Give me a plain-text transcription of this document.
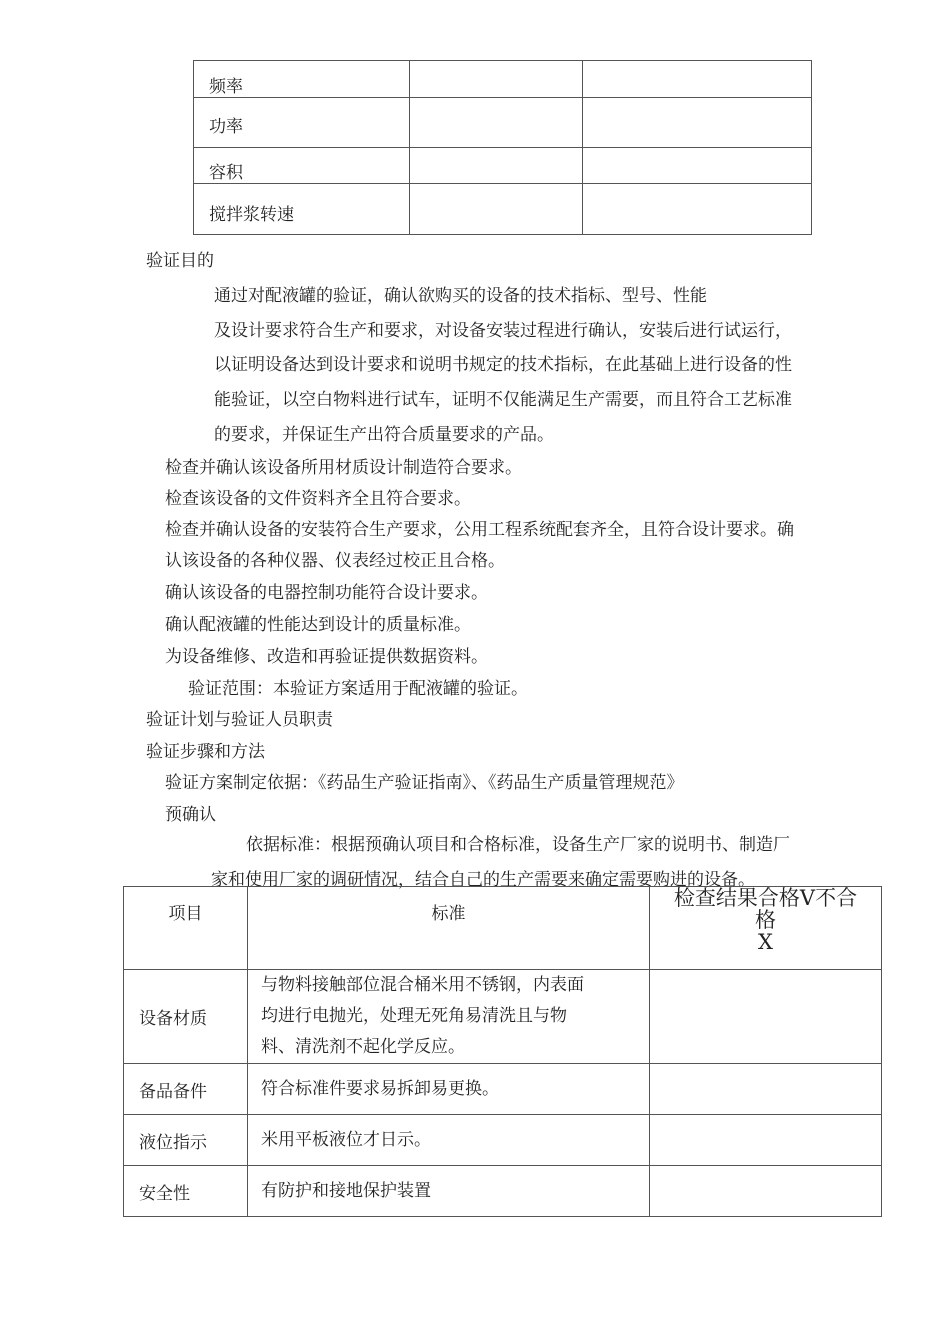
频率		
功率		
容积		
搅拌浆转速		
验证目的
通过对配液罐的验证，确认欲购买的设备的技术指标、型号、性能
及设计要求符合生产和要求，对设备安装过程进行确认，安装后进行试运行，
以证明设备达到设计要求和说明书规定的技术指标，在此基础上进行设备的性
能验证，以空白物料进行试车，证明不仅能满足生产需要，而且符合工艺标准
的要求，并保证生产出符合质量要求的产品。
检查并确认该设备所用材质设计制造符合要求。
检查该设备的文件资料齐全且符合要求。
检查并确认设备的安装符合生产要求，公用工程系统配套齐全，且符合设计要求。确
认该设备的各种仪器、仪表经过校正且合格。
确认该设备的电器控制功能符合设计要求。
确认配液罐的性能达到设计的质量标准。
为设备维修、改造和再验证提供数据资料。
验证范围：本验证方案适用于配液罐的验证。
验证计划与验证人员职责
验证步骤和方法
验证方案制定依据：《药品生产验证指南》、《药品生产质量管理规范》
预确认
依据标准：根据预确认项目和合格标准，设备生产厂家的说明书、制造厂
家和使用厂家的调研情况，结合自己的生产需要来确定需要购进的设备。
项目	标准	检查结果合格V不合
格
X

设备材质	与物料接触部位混合桶米用不锈钢，内表面
均进行电抛光，处理无死角易清洗且与物
料、清洗剂不起化学反应。	

备品备件	符合标准件要求易拆卸易更换。	

液位指示	米用平板液位才日示。	

安全性	有防护和接地保护装置	
